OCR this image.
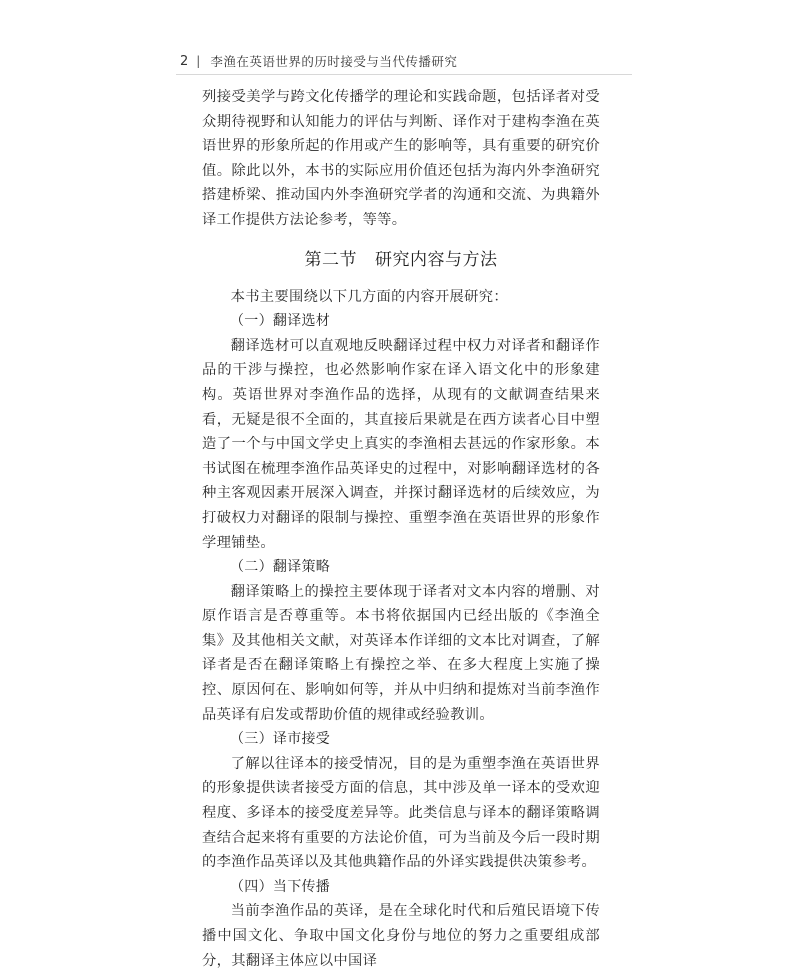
2 | 李渔在英语世界的历时接受与当代传播研究

列接受美学与跨文化传播学的理论和实践命题，包括译者对受众期待视野和认知能力的评估与判断、译作对于建构李渔在英语世界的形象所起的作用或产生的影响等，具有重要的研究价值。除此以外，本书的实际应用价值还包括为海内外李渔研究搭建桥梁、推动国内外李渔研究学者的沟通和交流、为典籍外译工作提供方法论参考，等等。

第二节 研究内容与方法

本书主要围绕以下几方面的内容开展研究：

（一）翻译选材

翻译选材可以直观地反映翻译过程中权力对译者和翻译作品的干涉与操控，也必然影响作家在译入语文化中的形象建构。英语世界对李渔作品的选择，从现有的文献调查结果来看，无疑是很不全面的，其直接后果就是在西方读者心目中塑造了一个与中国文学史上真实的李渔相去甚远的作家形象。本书试图在梳理李渔作品英译史的过程中，对影响翻译选材的各种主客观因素开展深入调查，并探讨翻译选材的后续效应，为打破权力对翻译的限制与操控、重塑李渔在英语世界的形象作学理铺垫。

（二）翻译策略

翻译策略上的操控主要体现于译者对文本内容的增删、对原作语言是否尊重等。本书将依据国内已经出版的《李渔全集》及其他相关文献，对英译本作详细的文本比对调查，了解译者是否在翻译策略上有操控之举、在多大程度上实施了操控、原因何在、影响如何等，并从中归纳和提炼对当前李渔作品英译有启发或帮助价值的规律或经验教训。

（三）译市接受

了解以往译本的接受情况，目的是为重塑李渔在英语世界的形象提供读者接受方面的信息，其中涉及单一译本的受欢迎程度、多译本的接受度差异等。此类信息与译本的翻译策略调查结合起来将有重要的方法论价值，可为当前及今后一段时期的李渔作品英译以及其他典籍作品的外译实践提供决策参考。

（四）当下传播

当前李渔作品的英译，是在全球化时代和后殖民语境下传播中国文化、争取中国文化身份与地位的努力之重要组成部分，其翻译主体应以中国译
